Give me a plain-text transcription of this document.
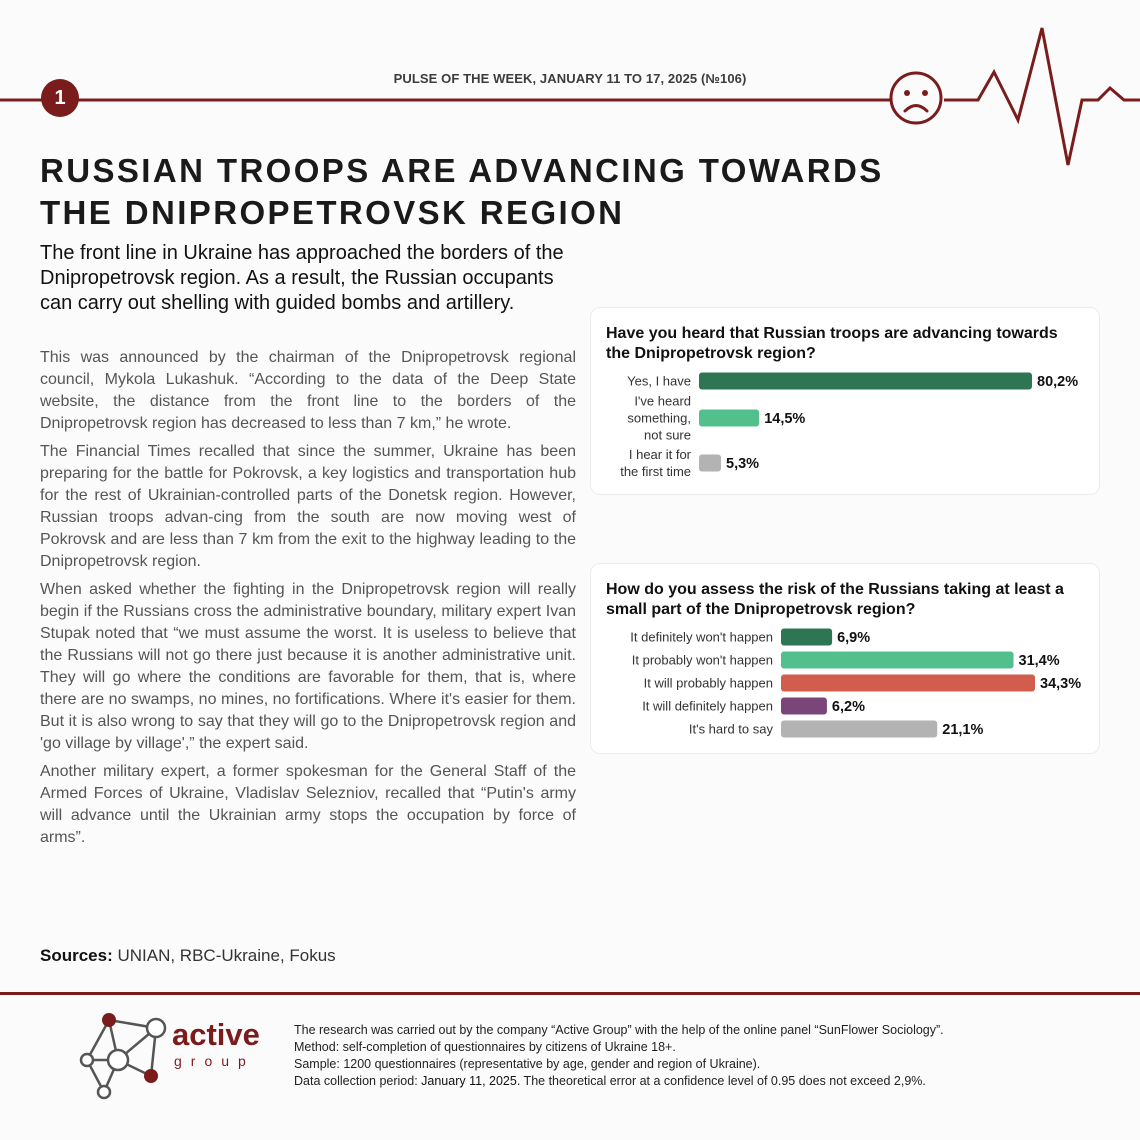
PULSE OF THE WEEK, JANUARY 11 TO 17, 2025 (№106)
1
RUSSIAN TROOPS ARE ADVANCING TOWARDS THE DNIPROPETROVSK REGION
The front line in Ukraine has approached the borders of the Dnipropetrovsk region. As a result, the Russian occupants can carry out shelling with guided bombs and artillery.

This was announced by the chairman of the Dnipropetrovsk regional council, Mykola Lukashuk. “According to the data of the Deep State website, the distance from the front line to the borders of the Dnipropetrovsk region has decreased to less than 7 km,” he wrote.

The Financial Times recalled that since the summer, Ukraine has been preparing for the battle for Pokrovsk, a key logistics and transportation hub for the rest of Ukrainian-controlled parts of the Donetsk region. However, Russian troops advan-cing from the south are now moving west of Pokrovsk and are less than 7 km from the exit to the highway leading to the Dnipropetrovsk region.

When asked whether the fighting in the Dnipropetrovsk region will really begin if the Russians cross the administrative boundary, military expert Ivan Stupak noted that “we must assume the worst. It is useless to believe that the Russians will not go there just because it is another administrative unit. They will go where the conditions are favorable for them, that is, where there are no swamps, no mines, no fortifications. Where it's easier for them. But it is also wrong to say that they will go to the Dnipropetrovsk region and 'go village by village',” the expert said.

Another military expert, a former spokesman for the General Staff of the Armed Forces of Ukraine, Vladislav Selezniov, recalled that “Putin's army will advance until the Ukrainian army stops the occupation by force of arms”.

Sources: UNIAN, RBC-Ukraine, Fokus
Have you heard that Russian troops are advancing towards the Dnipropetrovsk region?
80,2%
Yes, I have
14,5%
I've heard something, not sure
5,3%
I hear it for the first time
How do you assess the risk of the Russians taking at least a small part of the Dnipropetrovsk region?
6,9%
It definitely won't happen
31,4%
It probably won't happen
34,3%
It will probably happen
6,2%
It will definitely happen
21,1%
It's hard to say
active
group
The research was carried out by the company “Active Group” with the help of the online panel “SunFlower Sociology”.
Method: self-completion of questionnaires by citizens of Ukraine 18+.
Sample: 1200 questionnaires (representative by age, gender and region of Ukraine).
Data collection period: January 11, 2025. The theoretical error at a confidence level of 0.95 does not exceed 2,9%.
